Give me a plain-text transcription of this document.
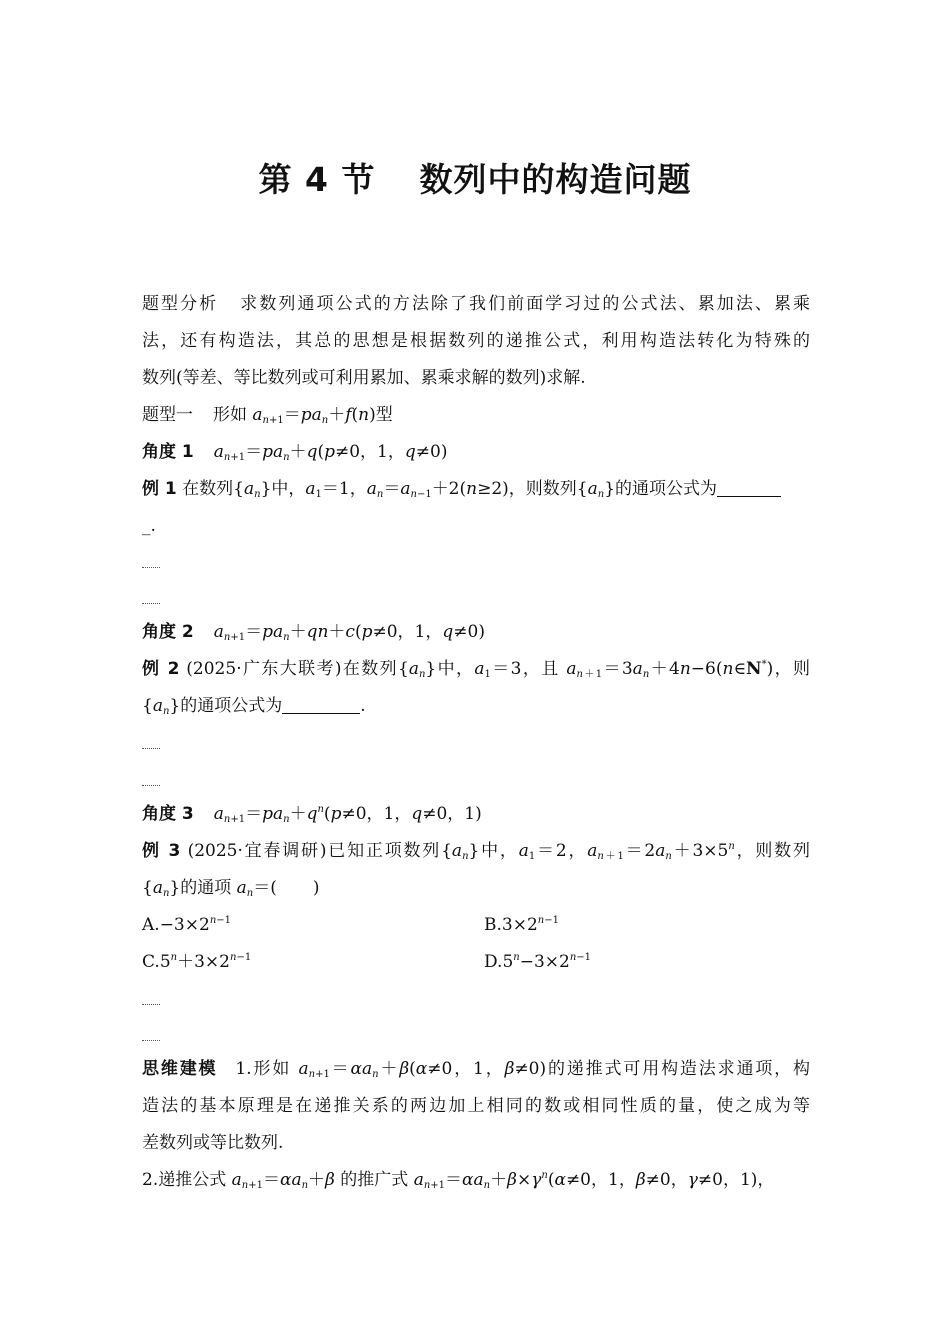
第 4 节 数列中的构造问题
题型分析 求数列通项公式的方法除了我们前面学习过的公式法、累加法、累乘
法，还有构造法，其总的思想是根据数列的递推公式，利用构造法转化为特殊的
数列(等差、等比数列或可利用累加、累乘求解的数列)求解.
题型一 形如 $a_{n+1}=pa_n+f(n)$型
角度 1 $a_{n+1}=pa_n+q(p\ne 0$，1，q≠0)
例 1 在数列$\{a_n\}$中，$a_1=1$，$a_n=a_{n-1}+2(n\ge 2)$，则数列$\{a_n\}$的通项公式为
_.
角度 2 $a_{n+1}=pa_n+qn+c(p\ne 0$，1，q≠0)
例 2 (2025·广东大联考)在数列$\{a_n\}$中，$a_1=3$，且 $a_{n+1}=3a_n+4n-6(n\in N^*)$，则
$\{a_n\}$的通项公式为	.
角度 3 $a_{n+1}=pa_n+q^n(p\ne 0$，1，q≠0，1)
例 3 (2025·宜春调研)已知正项数列$\{a_n\}$中，$a_1=2$，$a_{n+1}=2a_n+3\times 5^n$，则数列
$\{a_n\}$的通项 $a_n=$( )
$A.-3\times 2^{n-1}$	$B.3\times 2^{n-1}$
$C.5^n+3\times 2^{n-1}$	$D.5^n-3\times 2^{n-1}$
思维建模 1.形如 $a_{n+1}=\alpha a_n+\beta(\alpha\ne 0$，1，β≠0)的递推式可用构造法求通项，构
造法的基本原理是在递推关系的两边加上相同的数或相同性质的量，使之成为等
差数列或等比数列.
2.递推公式 $a_{n+1}=\alpha a_n+\beta$ 的推广式 $a_{n+1}=\alpha a_n+\beta\times\gamma^n(\alpha\ne 0$，1，β≠0，γ≠0，1)，
